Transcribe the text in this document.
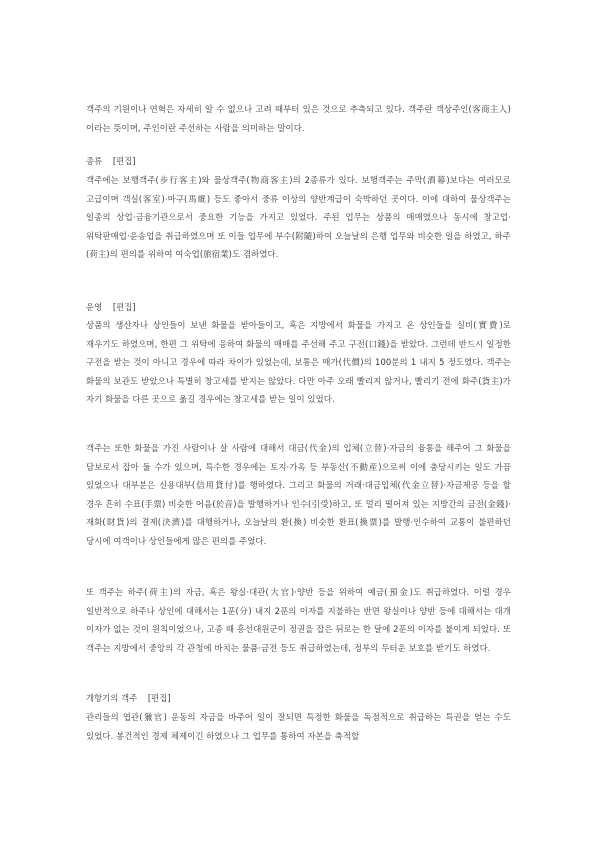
객주의 기원이나 연혁은 자세히 알 수 없으나 고려 때부터 있은 것으로 추측되고 있다. 객주란 객상주인(客商主人)이라는 뜻이며, 주인이란 주선하는 사람을 의미하는 말이다.

종류 [편집]

객주에는 보행객주(步行客主)와 물상객주(物商客主)의 2종류가 있다. 보행객주는 주막(酒幕)보다는 여러모로 고급이며 객실(客室)·마구(馬廐) 등도 좋아서 중류 이상의 양반계급이 숙박하던 곳이다. 이에 대하여 물상객주는 일종의 상업·금융기관으로서 중요한 기능을 가지고 있었다. 주된 업무는 상품의 매매였으나 동시에 창고업·위탁판매업·운송업을 취급하였으며 또 이들 업무에 부수(附隨)하여 오늘날의 은행 업무와 비슷한 일을 하였고, 하주(荷主)의 편의를 위하여 여숙업(旅宿業)도 겸하였다.

운영 [편집]

상품의 생산자나 상인들이 보낸 화물을 받아들이고, 혹은 지방에서 화물을 가지고 온 상인들을 실비(實費)로 재우기도 하였으며, 한편 그 위탁에 응하여 화물의 매매를 주선해 주고 구전(口錢)을 받았다. 그런데 반드시 일정한 구전을 받는 것이 아니고 경우에 따라 차이가 있었는데, 보통은 매가(代價)의 100분의 1 내지 5 정도였다. 객주는 화물의 보관도 받았으나 특별히 창고세를 받지는 않았다. 다만 아주 오래 빨리지 않거나, 빨리기 전에 화주(貨主)가 자기 화물을 다른 곳으로 옮길 경우에는 창고세를 받는 일이 있었다.

객주는 또한 화물을 가진 사람이나 살 사람에 대해서 대금(代金)의 입체(立替)·자금의 융통을 해주어 그 화물을 담보로서 잡아 둘 수가 있으며, 특수한 경우에는 토지·가옥 등 부동산(不動産)으로써 이에 충당시키는 일도 가끔 있었으나 대부분은 신용대부(信用貸付)를 행하였다. 그리고 화물의 거래·대금입체(代金立替)·자금제공 등을 할 경우 흔히 수표(手票) 비슷한 어음(於音)을 발행하거나 인수(引受)하고, 또 멀리 떨어져 있는 지방간의 금전(金錢)·재화(財貨)의 결제(決濟)를 대행하거나, 오늘날의 환(換) 비슷한 환표(換票)를 발행·인수하여 교통이 불편하던 당시에 여객이나 상인들에게 많은 편의를 주었다.

또 객주는 하주(荷主)의 자금, 혹은 왕실·대관(大官)·양반 등을 위하여 예금(預金)도 취급하였다. 이럴 경우 일반적으로 하주나 상인에 대해서는 1푼(分) 내지 2푼의 이자를 지불하는 반면 왕실이나 양반 등에 대해서는 대개 이자가 없는 것이 원칙이었으나, 고종 때 흥선대원군이 정권을 잡은 뒤로는 한 달에 2푼의 이자를 붙이게 되었다. 또 객주는 지방에서 중앙의 각 관청에 바치는 물품·금전 등도 취급하였는데, 정부의 두터운 보호를 받기도 하였다.

개항기의 객주 [편집]

관리들의 엽관(獵官) 운동의 자금을 바주어 일이 잘되면 특정한 화물을 독점적으로 취급하는 특권을 얻는 수도 있었다. 봉건적인 경제 체제이긴 하였으나 그 업무를 통하여 자본을 축적할
